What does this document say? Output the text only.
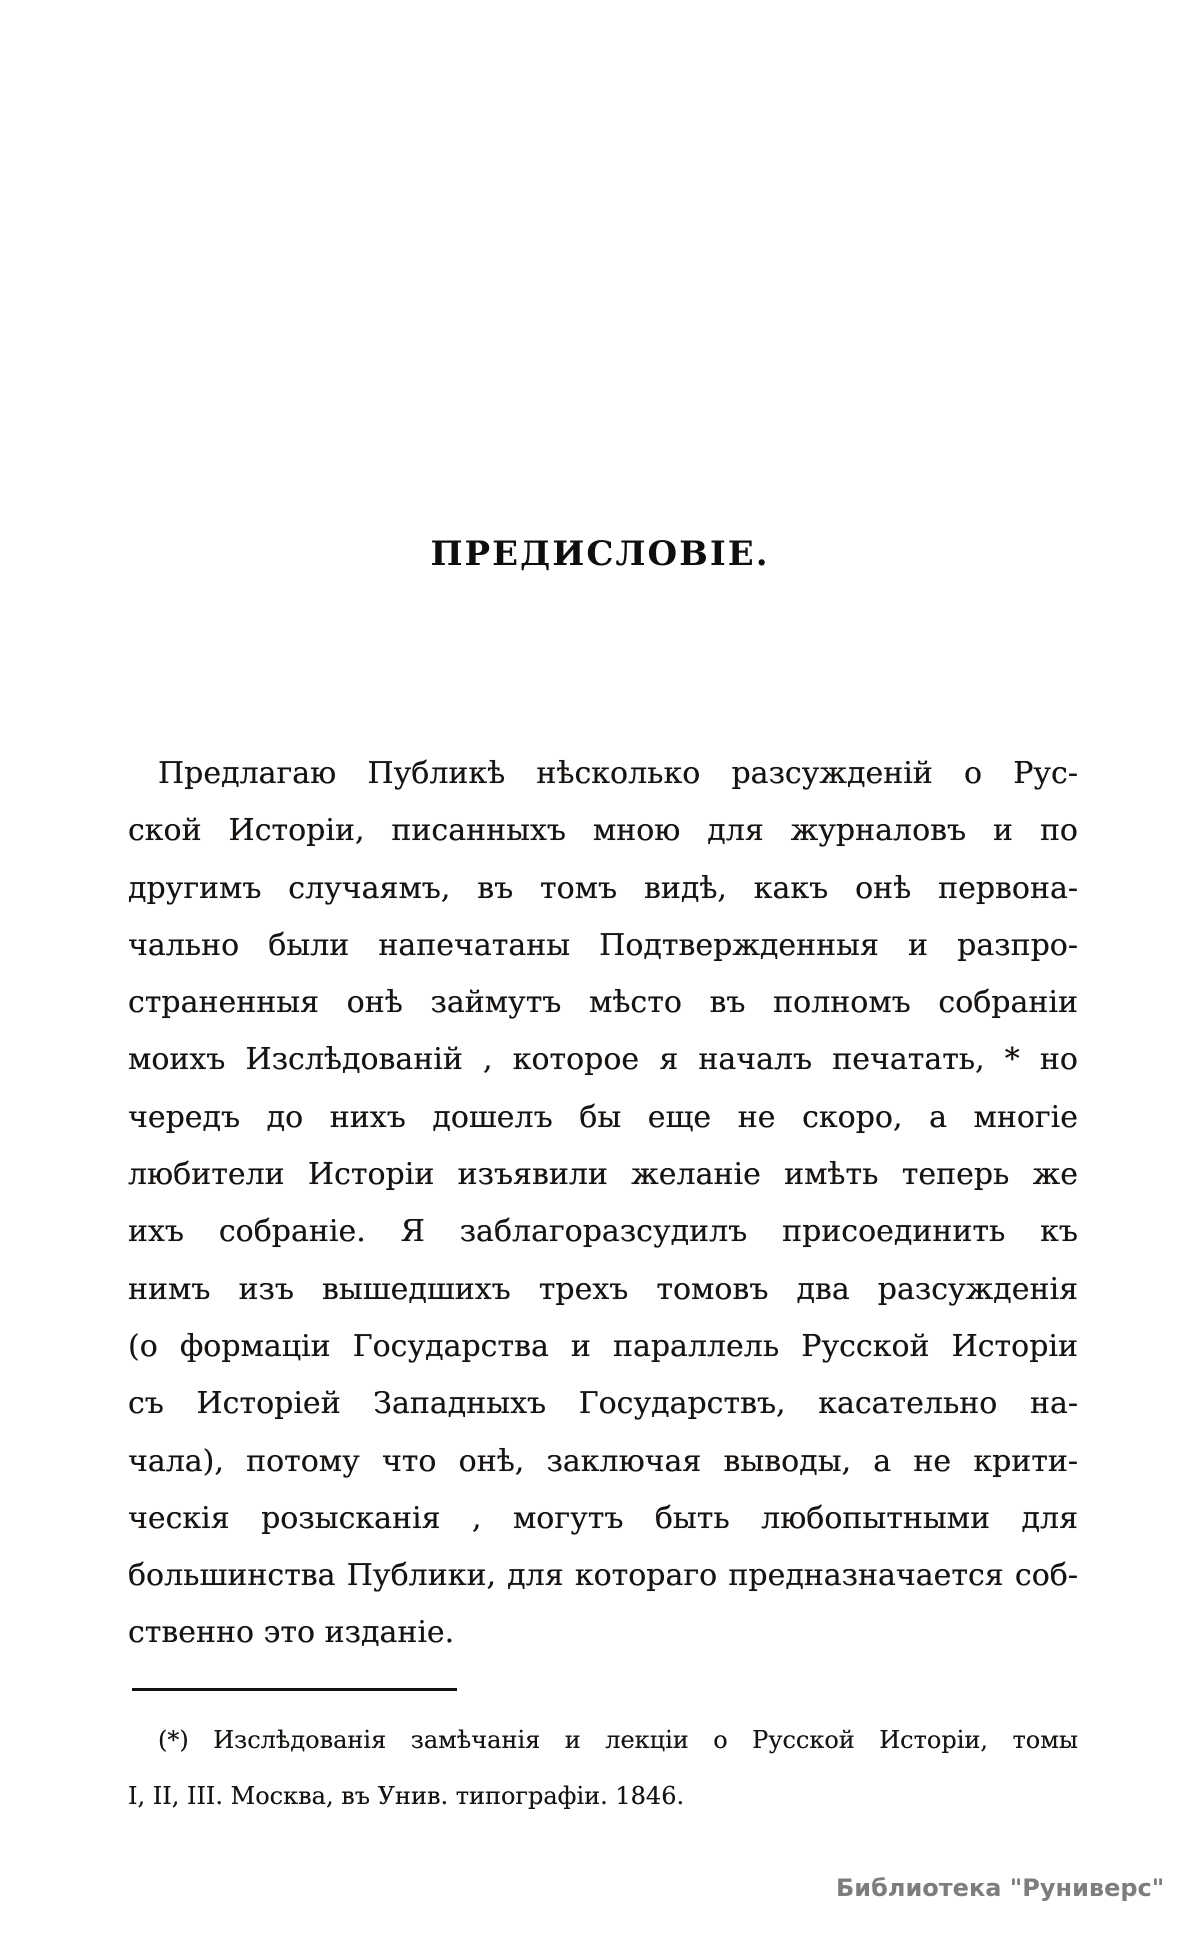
ПРЕДИСЛОВІЕ.
Предлагаю Публикѣ нѣсколько разсужденій о Рус-
ской Исторіи, писанныхъ мною для журналовъ и по
другимъ случаямъ, въ томъ видѣ, какъ онѣ первона-
чально были напечатаны Подтвержденныя и разпро-
страненныя онѣ займутъ мѣсто въ полномъ собраніи
моихъ Изслѣдованій , которое я началъ печатать, * но
чередъ до нихъ дошелъ бы еще не скоро, а многіе
любители Исторіи изъявили желаніе имѣть теперь же
ихъ собраніе. Я заблагоразсудилъ присоединить къ
нимъ изъ вышедшихъ трехъ томовъ два разсужденія
(о формаціи Государства и параллель Русской Исторіи
съ Исторіей Западныхъ Государствъ, касательно на-
чала), потому что онѣ, заключая выводы, а не крити-
ческія розысканія , могутъ быть любопытными для
большинства Публики, для котораго предназначается соб-
ственно это изданіе.
(*) Изслѣдованія замѣчанія и лекціи о Русской Исторіи, томы
I, II, III. Москва, въ Унив. типографіи. 1846.
Библиотека "Руниверс"
